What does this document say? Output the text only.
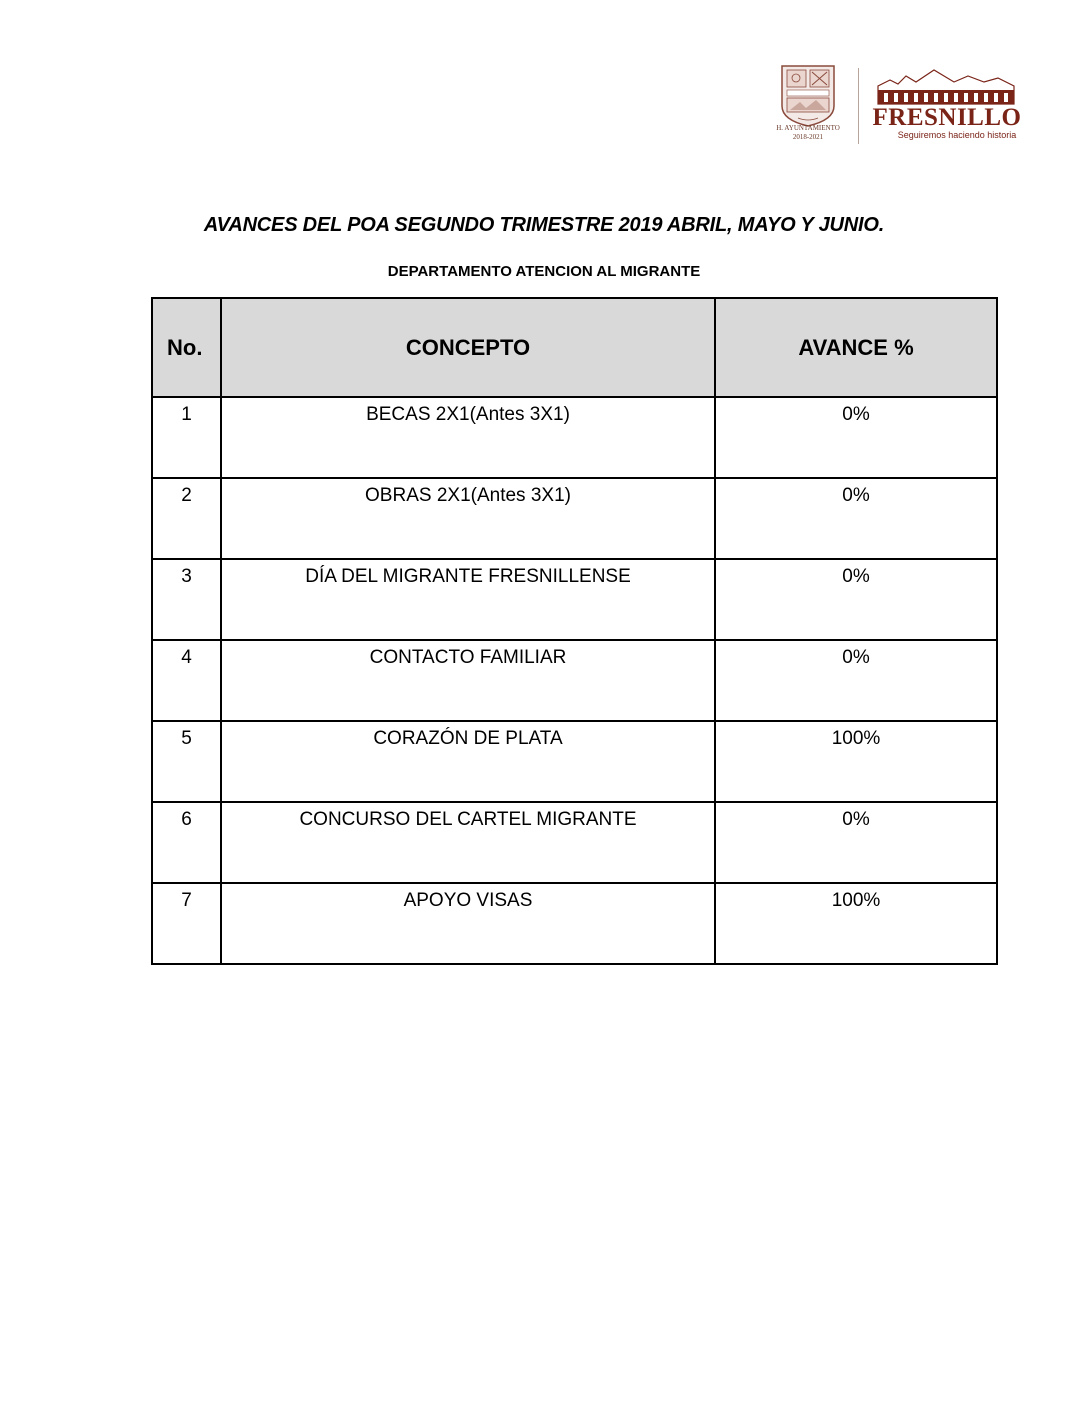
H. AYUNTAMIENTO
2018-2021
FRESNILLO
Seguiremos haciendo historia
AVANCES DEL POA SEGUNDO TRIMESTRE 2019 ABRIL, MAYO Y JUNIO.
DEPARTAMENTO ATENCION AL MIGRANTE
No.	CONCEPTO	AVANCE %
1	BECAS 2X1(Antes 3X1)	0%
2	OBRAS 2X1(Antes 3X1)	0%
3	DÍA DEL MIGRANTE FRESNILLENSE	0%
4	CONTACTO FAMILIAR	0%
5	CORAZÓN DE PLATA	100%
6	CONCURSO DEL CARTEL MIGRANTE	0%
7	APOYO VISAS	100%
